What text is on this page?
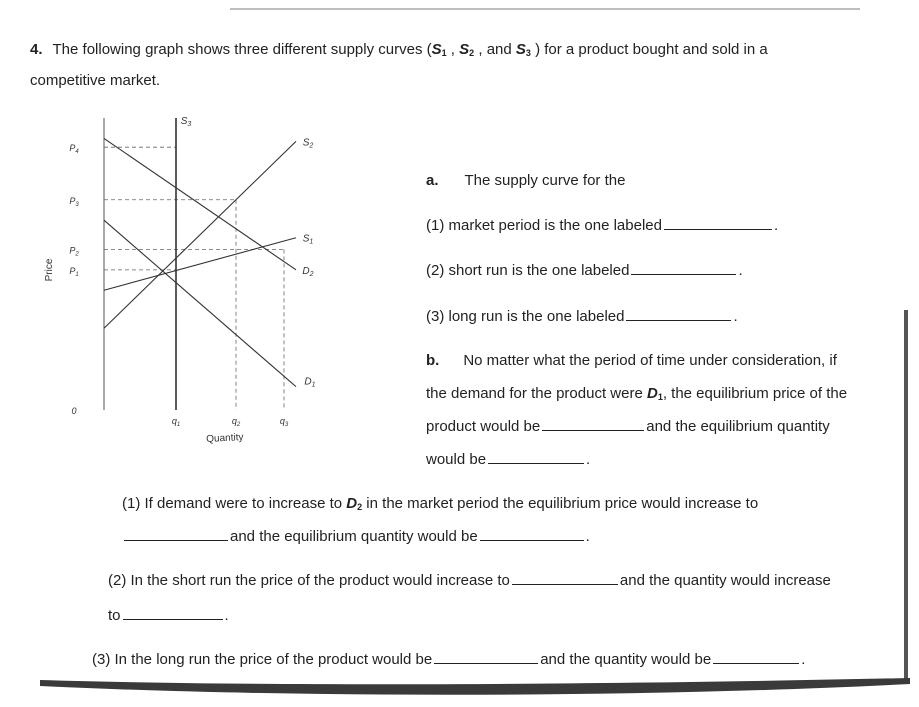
4. The following graph shows three different supply curves ($S_1$ , $S_2$ , and $S_3$ ) for a product bought and sold in a
competitive market.
$S_3$
$S_2$
$S_1$
$D_2$
$D_1$
0
$P_1$
$P_2$
$P_3$
$P_4$
$q_1$	$q_2$	$q_3$
Quantity
Price
a. The supply curve for the
(1) market period is the one labeled	.
(2) short run is the one labeled	.
(3) long run is the one labeled	.
b. No matter what the period of time under consideration, if
the demand for the product were $D_1$, the equilibrium price of the
product would be	and the equilibrium quantity
would be	.
(1) If demand were to increase to $D_2$ in the market period the equilibrium price would increase to
and the equilibrium quantity would be	.
(2) In the short run the price of the product would increase to	and the quantity would increase
to	.
(3) In the long run the price of the product would be	and the quantity would be	.
